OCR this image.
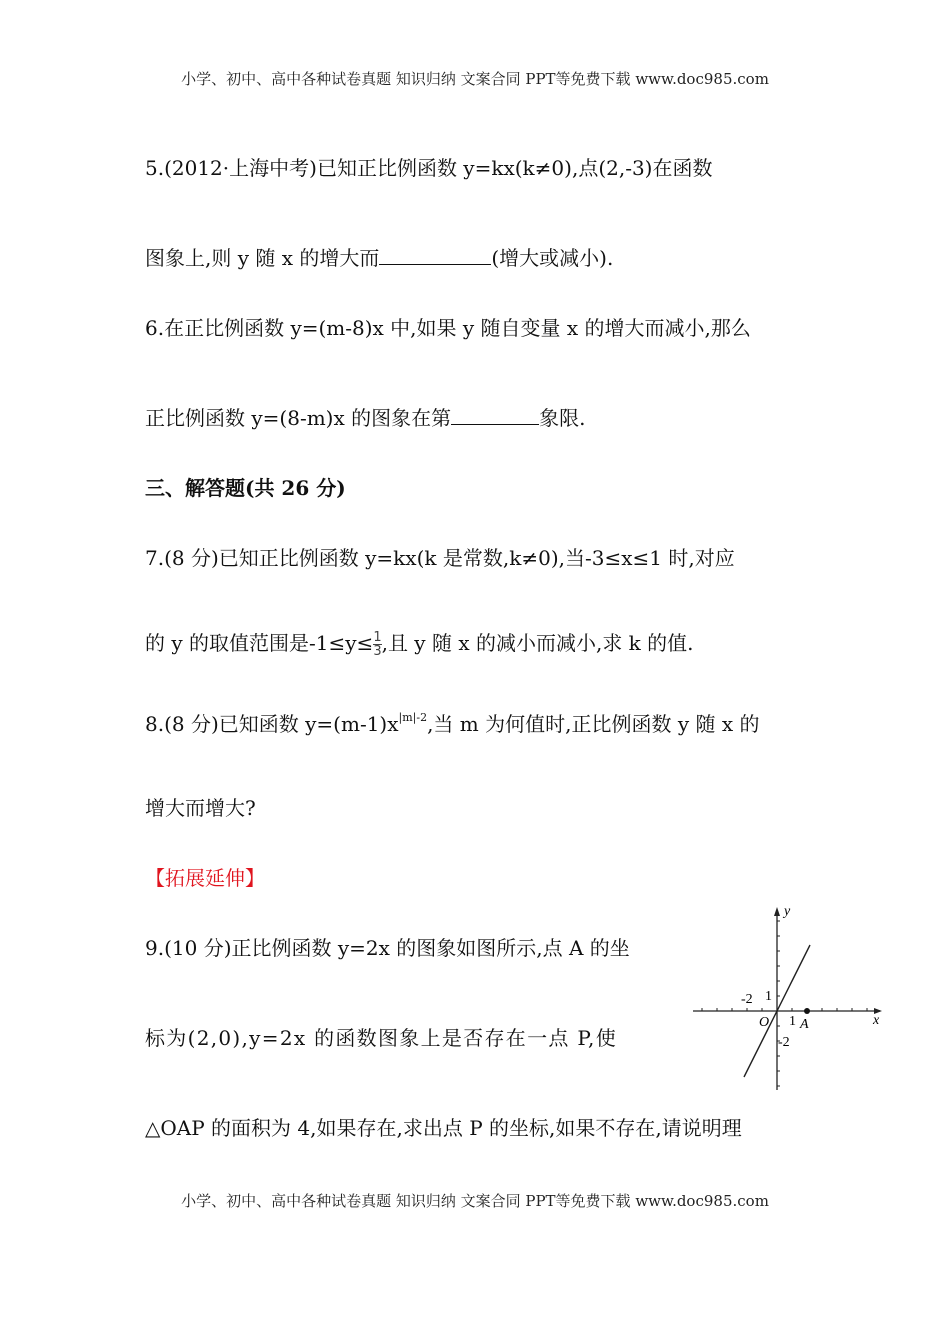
小学、初中、高中各种试卷真题 知识归纳 文案合同 PPT等免费下载 www.doc985.com
5.(2012·上海中考)已知正比例函数 y=kx(k≠0),点(2,-3)在函数
图象上,则 y 随 x 的增大而	(增大或减小).
6.在正比例函数 y=(m-8)x 中,如果 y 随自变量 x 的增大而减小,那么
正比例函数 y=(8-m)x 的图象在第	象限.
三、解答题(共 26 分)
7.(8 分)已知正比例函数 y=kx(k 是常数,k≠0),当-3≤x≤1 时,对应
的 y 的取值范围是$-1\le y\le \frac{1}{3}$,且 y 随 x 的减小而减小,求 k 的值.
8.(8 分)已知函数 $y=(m-1)x^{|m|-2}$,当 m 为何值时,正比例函数 y 随 x 的
增大而增大?
【拓展延伸】
9.(10 分)正比例函数 y=2x 的图象如图所示,点 A 的坐
标为(2,0),y=2x 的函数图象上是否存在一点 P,使
△OAP 的面积为 4,如果存在,求出点 P 的坐标,如果不存在,请说明理
y
x
O A
-2
1
1
-2
小学、初中、高中各种试卷真题 知识归纳 文案合同 PPT等免费下载 www.doc985.com
